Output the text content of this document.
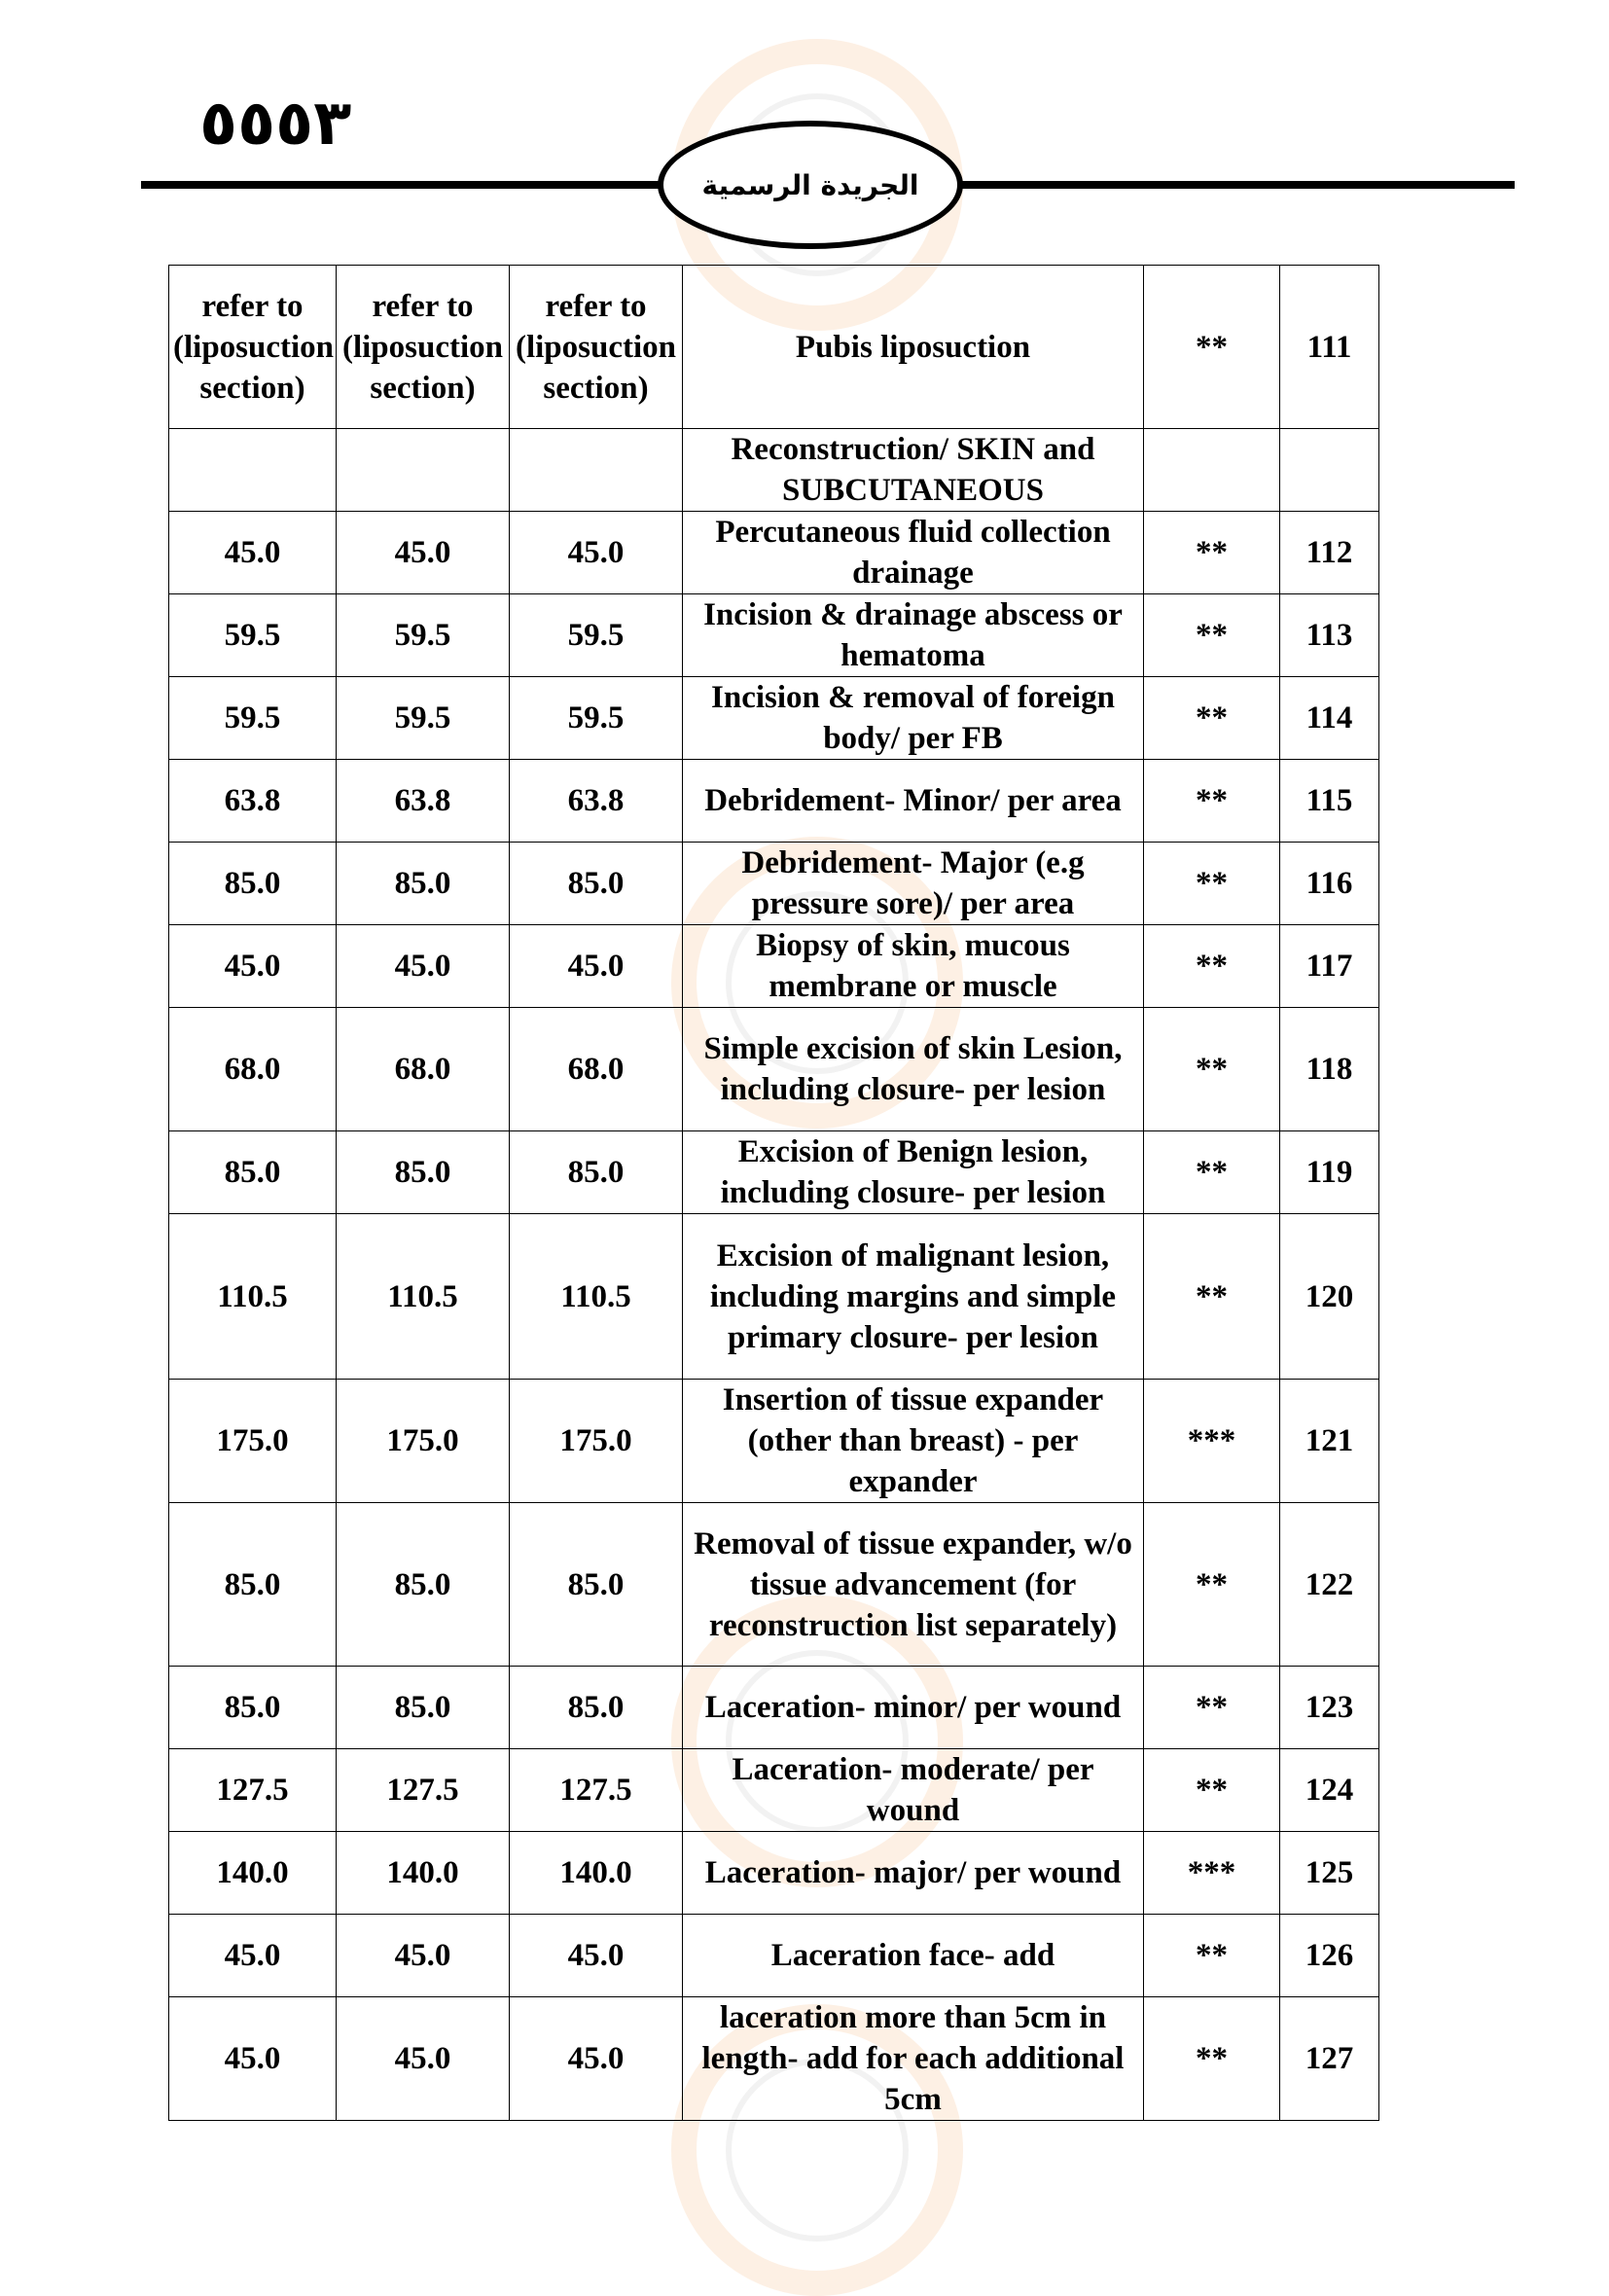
٥٥٥٣
الجريدة الرسمية
refer to (liposuction section)	refer to (liposuction section)	refer to (liposuction section)	Pubis liposuction	**	111
			Reconstruction/ SKIN and SUBCUTANEOUS		
45.0	45.0	45.0	Percutaneous fluid collection drainage	**	112
59.5	59.5	59.5	Incision & drainage abscess or hematoma	**	113
59.5	59.5	59.5	Incision & removal of foreign body/ per FB	**	114
63.8	63.8	63.8	Debridement- Minor/ per area	**	115
85.0	85.0	85.0	Debridement- Major (e.g pressure sore)/ per area	**	116
45.0	45.0	45.0	Biopsy of skin, mucous membrane or muscle	**	117
68.0	68.0	68.0	Simple excision of skin Lesion, including closure- per lesion	**	118
85.0	85.0	85.0	Excision of Benign lesion, including closure- per lesion	**	119
110.5	110.5	110.5	Excision of malignant lesion, including margins and simple primary closure- per lesion	**	120
175.0	175.0	175.0	Insertion of tissue expander (other than breast) - per expander	***	121
85.0	85.0	85.0	Removal of tissue expander, w/o tissue advancement (for reconstruction list separately)	**	122
85.0	85.0	85.0	Laceration- minor/ per wound	**	123
127.5	127.5	127.5	Laceration- moderate/ per wound	**	124
140.0	140.0	140.0	Laceration- major/ per wound	***	125
45.0	45.0	45.0	Laceration face- add	**	126
45.0	45.0	45.0	laceration more than 5cm in length- add for each additional 5cm	**	127
